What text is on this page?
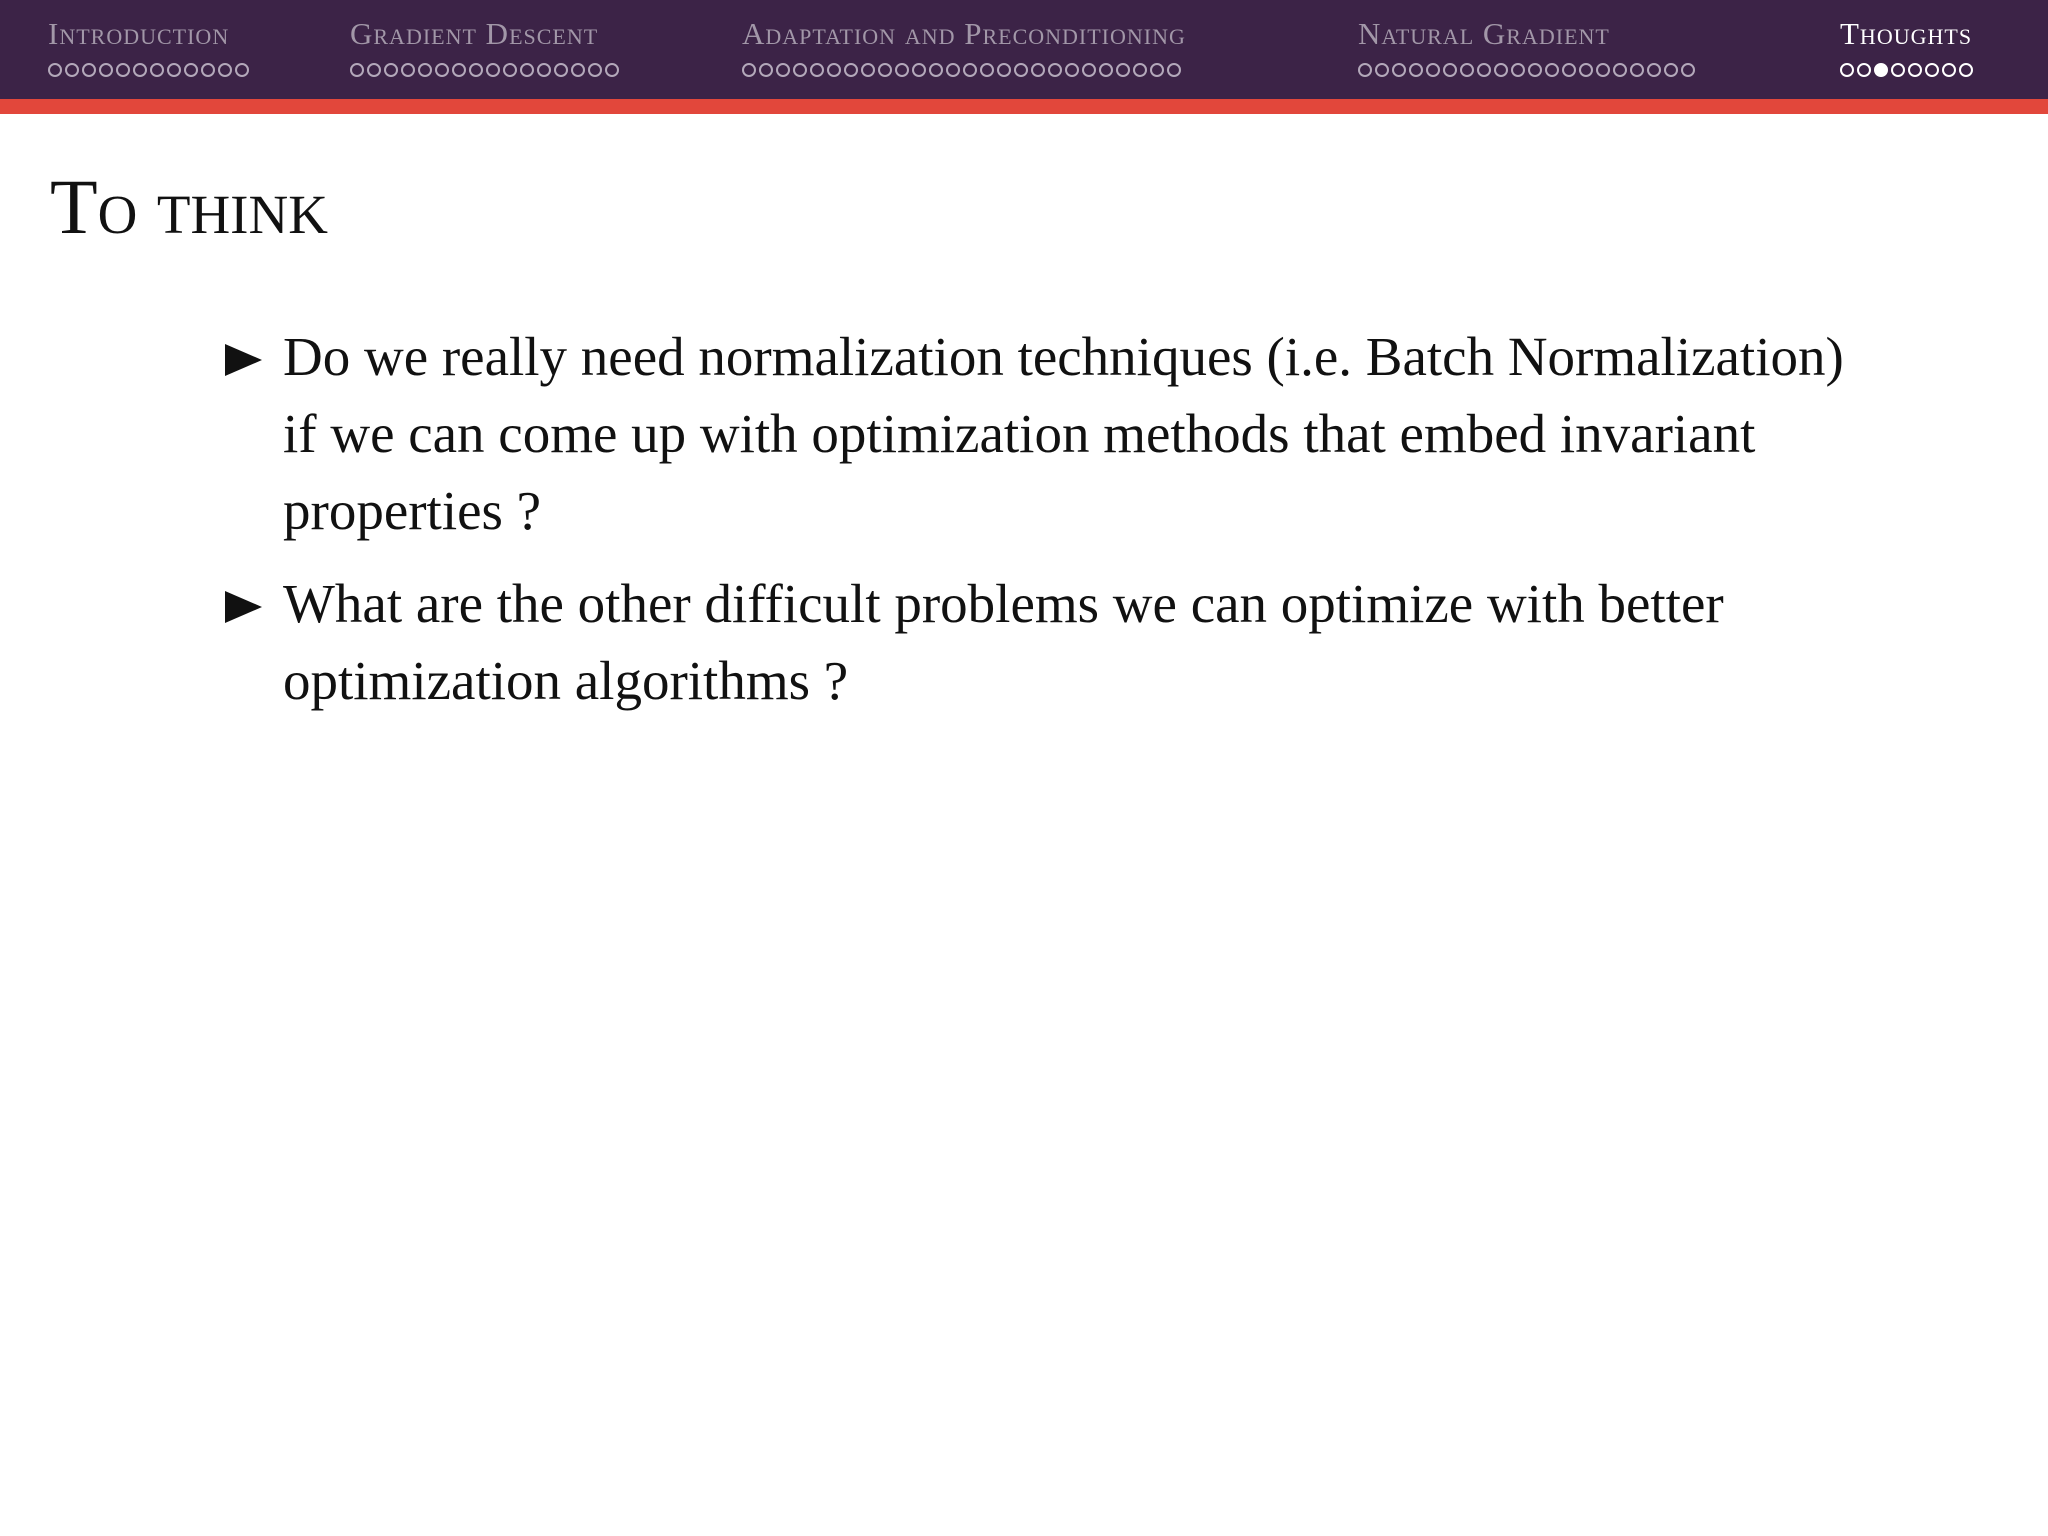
Introduction	Gradient Descent	Adaptation and Preconditioning	Natural Gradient	Thoughts
To think
Do we really need normalization techniques (i.e. Batch Normalization) if we can come up with optimization methods that embed invariant properties ?
What are the other difficult problems we can optimize with better optimization algorithms ?
